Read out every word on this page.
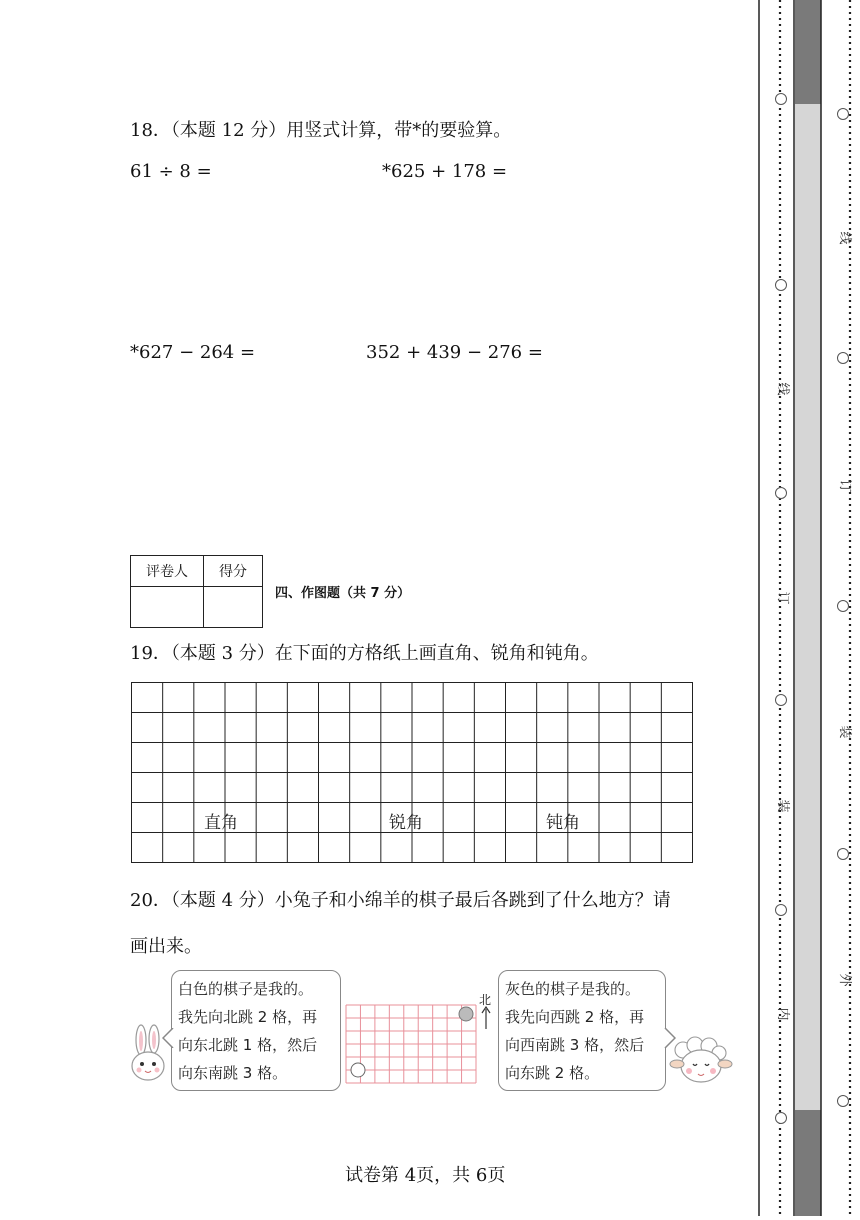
18．（本题 12 分）用竖式计算，带*的要验算。
61 ÷ 8 =	*625 + 178 =
*627 − 264 =	352 + 439 − 276 =
评卷人	得分

四、作图题（共 7 分）
19．（本题 3 分）在下面的方格纸上画直角、锐角和钝角。
直角	锐角	钝角
20．（本题 4 分）小兔子和小绵羊的棋子最后各跳到了什么地方？请
画出来。
白色的棋子是我的。
我先向北跳 2 格，再
向东北跳 1 格，然后
向东南跳 3 格。
北
灰色的棋子是我的。
我先向西跳 2 格，再
向西南跳 3 格，然后
向东跳 2 格。
试卷第 4页，共 6页
线
订
装
内
线
订
装
外
